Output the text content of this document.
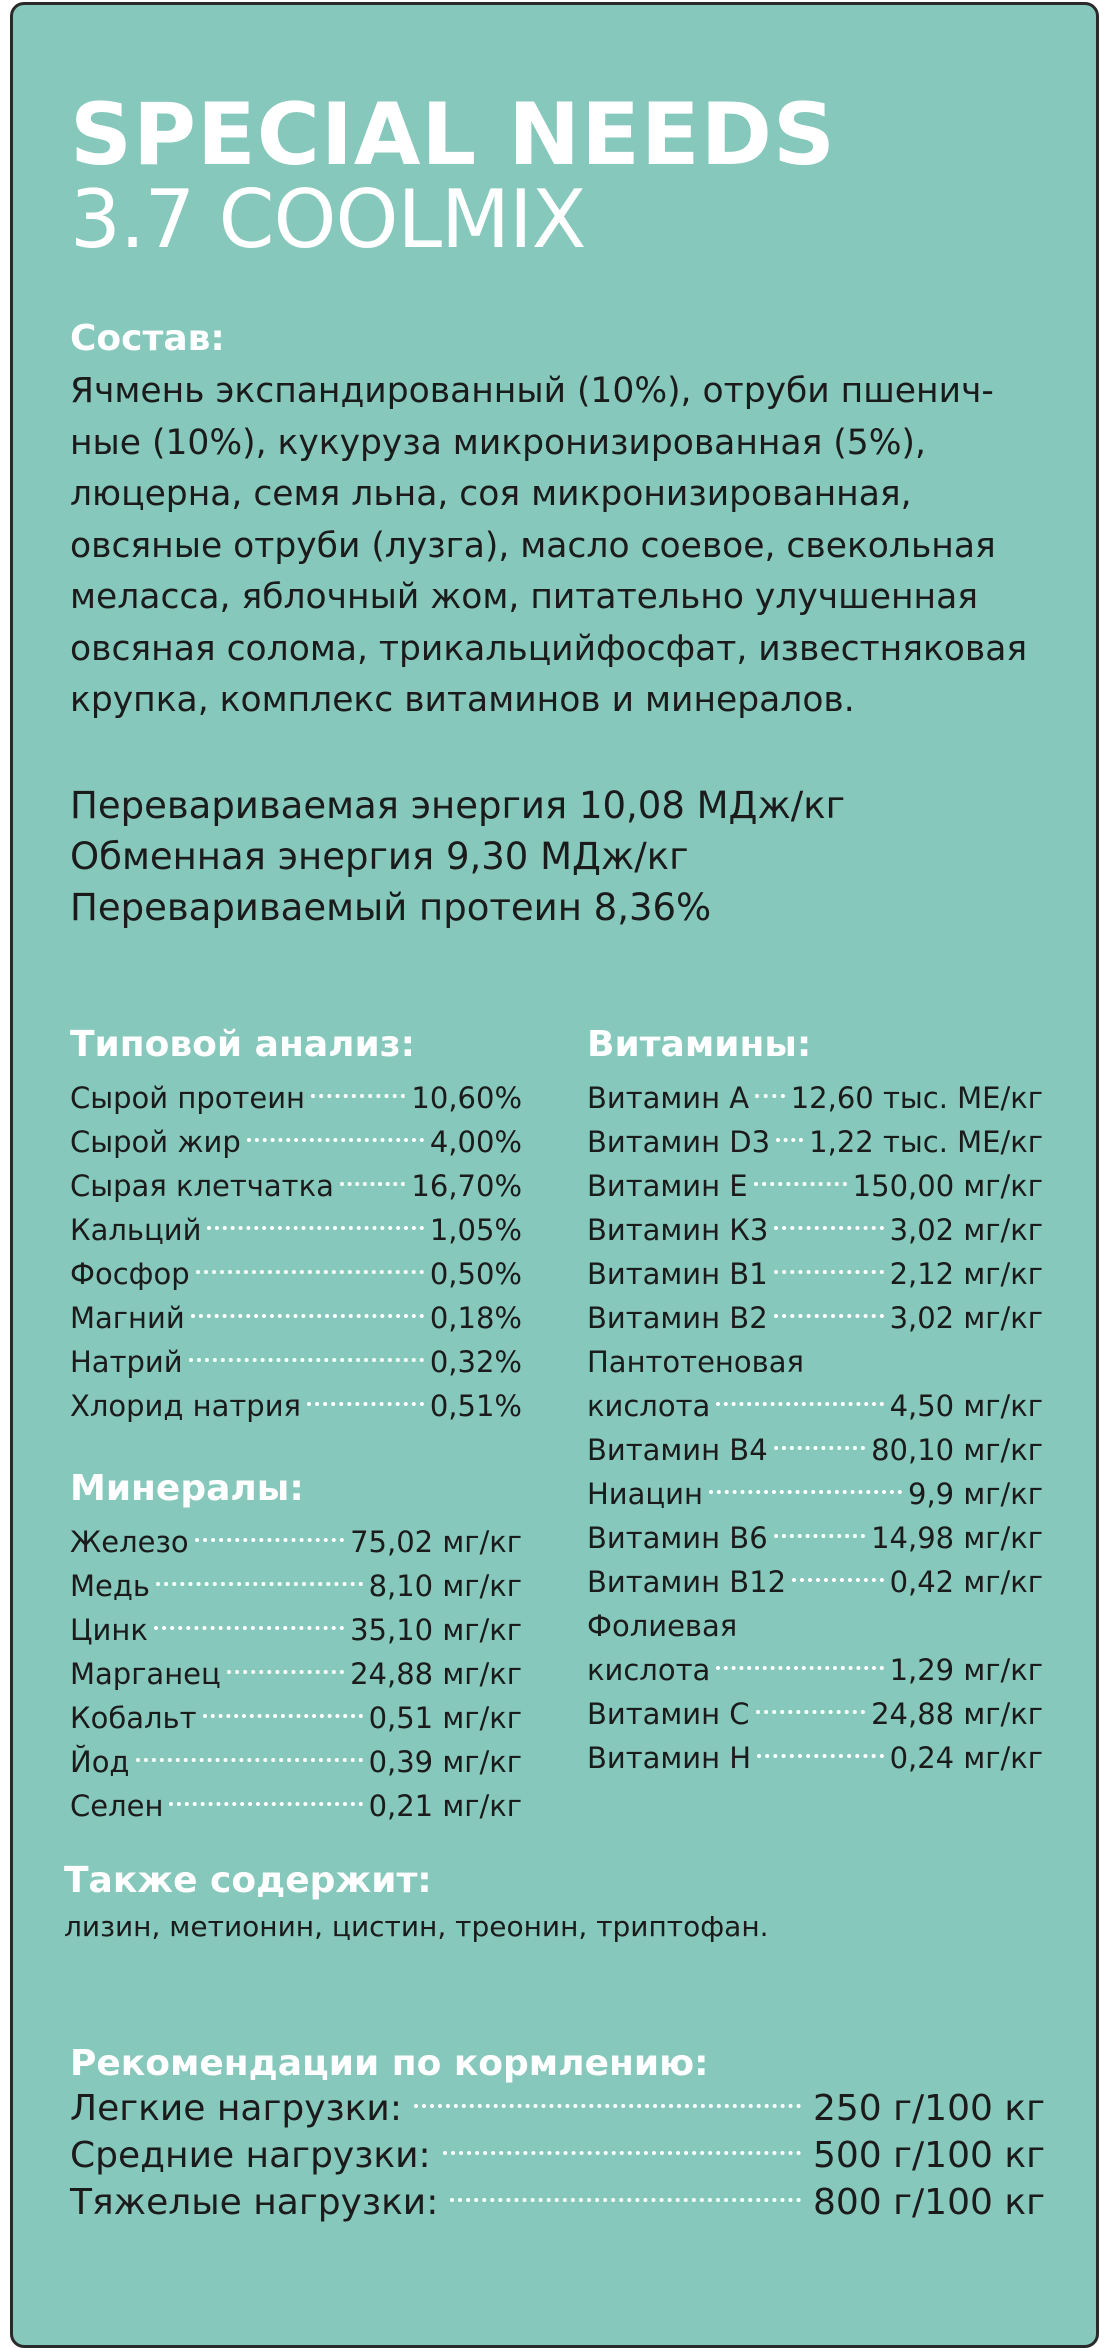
SPECIAL NEEDS
3.7 COOLMIX
Состав:
Ячмень экспандированный (10%), отруби пшенич-
ные (10%), кукуруза микронизированная (5%),
люцерна, семя льна, соя микронизированная,
овсяные отруби (лузга), масло соевое, свекольная
меласса, яблочный жом, питательно улучшенная
овсяная солома, трикальцийфосфат, известняковая
крупка, комплекс витаминов и минералов.
Перевариваемая энергия 10,08 МДж/кг
Обменная энергия 9,30 МДж/кг
Перевариваемый протеин 8,36%
Типовой анализ:
Сырой протеин	10,60%
Сырой жир	4,00%
Сырая клетчатка	16,70%
Кальций	1,05%
Фосфор	0,50%
Магний	0,18%
Натрий	0,32%
Хлорид натрия	0,51%
Минералы:
Железо	75,02 мг/кг
Медь	8,10 мг/кг
Цинк	35,10 мг/кг
Марганец	24,88 мг/кг
Кобальт	0,51 мг/кг
Йод	0,39 мг/кг
Селен	0,21 мг/кг
Витамины:
Витамин А 12,60 тыс. МЕ/кг
Витамин D3 1,22 тыс. МЕ/кг
Витамин Е	150,00 мг/кг
Витамин К3	3,02 мг/кг
Витамин В1	2,12 мг/кг
Витамин В2	3,02 мг/кг
Пантотеновая
кислота	4,50 мг/кг
Витамин В4	80,10 мг/кг
Ниацин	9,9 мг/кг
Витамин В6	14,98 мг/кг
Витамин В12	0,42 мг/кг
Фолиевая
кислота	1,29 мг/кг
Витамин С	24,88 мг/кг
Витамин Н	0,24 мг/кг
Также содержит:
лизин, метионин, цистин, треонин, триптофан.
Рекомендации по кормлению:
Легкие нагрузки:	250 г/100 кг
Средние нагрузки:	500 г/100 кг
Тяжелые нагрузки:	800 г/100 кг
